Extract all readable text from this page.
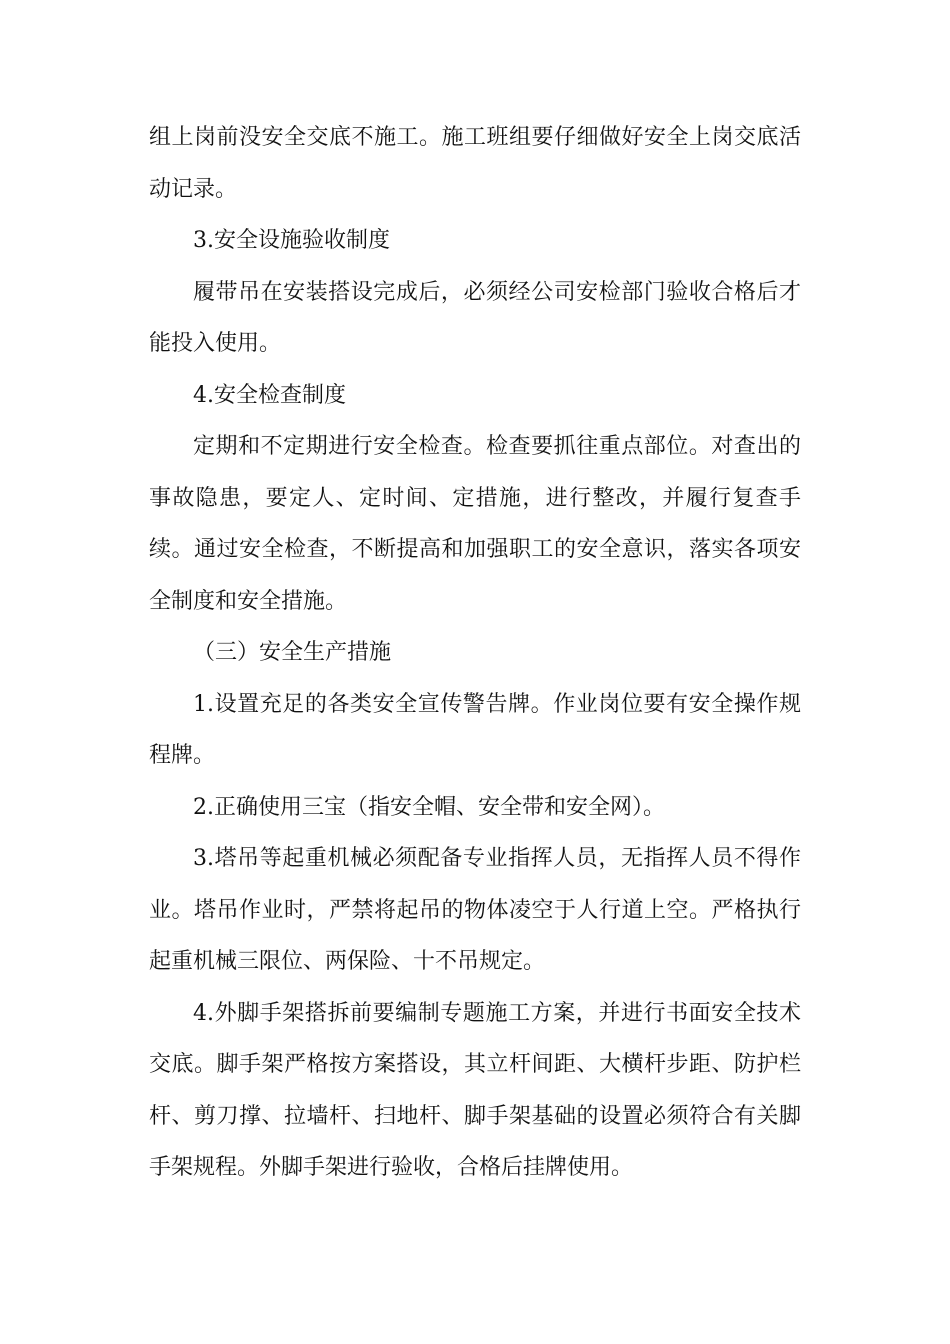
组上岗前没安全交底不施工。施工班组要仔细做好安全上岗交底活动记录。

3.安全设施验收制度

履带吊在安装搭设完成后，必须经公司安检部门验收合格后才能投入使用。

4.安全检查制度

定期和不定期进行安全检查。检查要抓往重点部位。对查出的事故隐患，要定人、定时间、定措施，进行整改，并履行复查手续。通过安全检查，不断提高和加强职工的安全意识，落实各项安全制度和安全措施。

（三）安全生产措施

1.设置充足的各类安全宣传警告牌。作业岗位要有安全操作规程牌。

2.正确使用三宝（指安全帽、安全带和安全网）。

3.塔吊等起重机械必须配备专业指挥人员，无指挥人员不得作业。塔吊作业时，严禁将起吊的物体凌空于人行道上空。严格执行起重机械三限位、两保险、十不吊规定。

4.外脚手架搭拆前要编制专题施工方案，并进行书面安全技术交底。脚手架严格按方案搭设，其立杆间距、大横杆步距、防护栏杆、剪刀撑、拉墙杆、扫地杆、脚手架基础的设置必须符合有关脚手架规程。外脚手架进行验收，合格后挂牌使用。
